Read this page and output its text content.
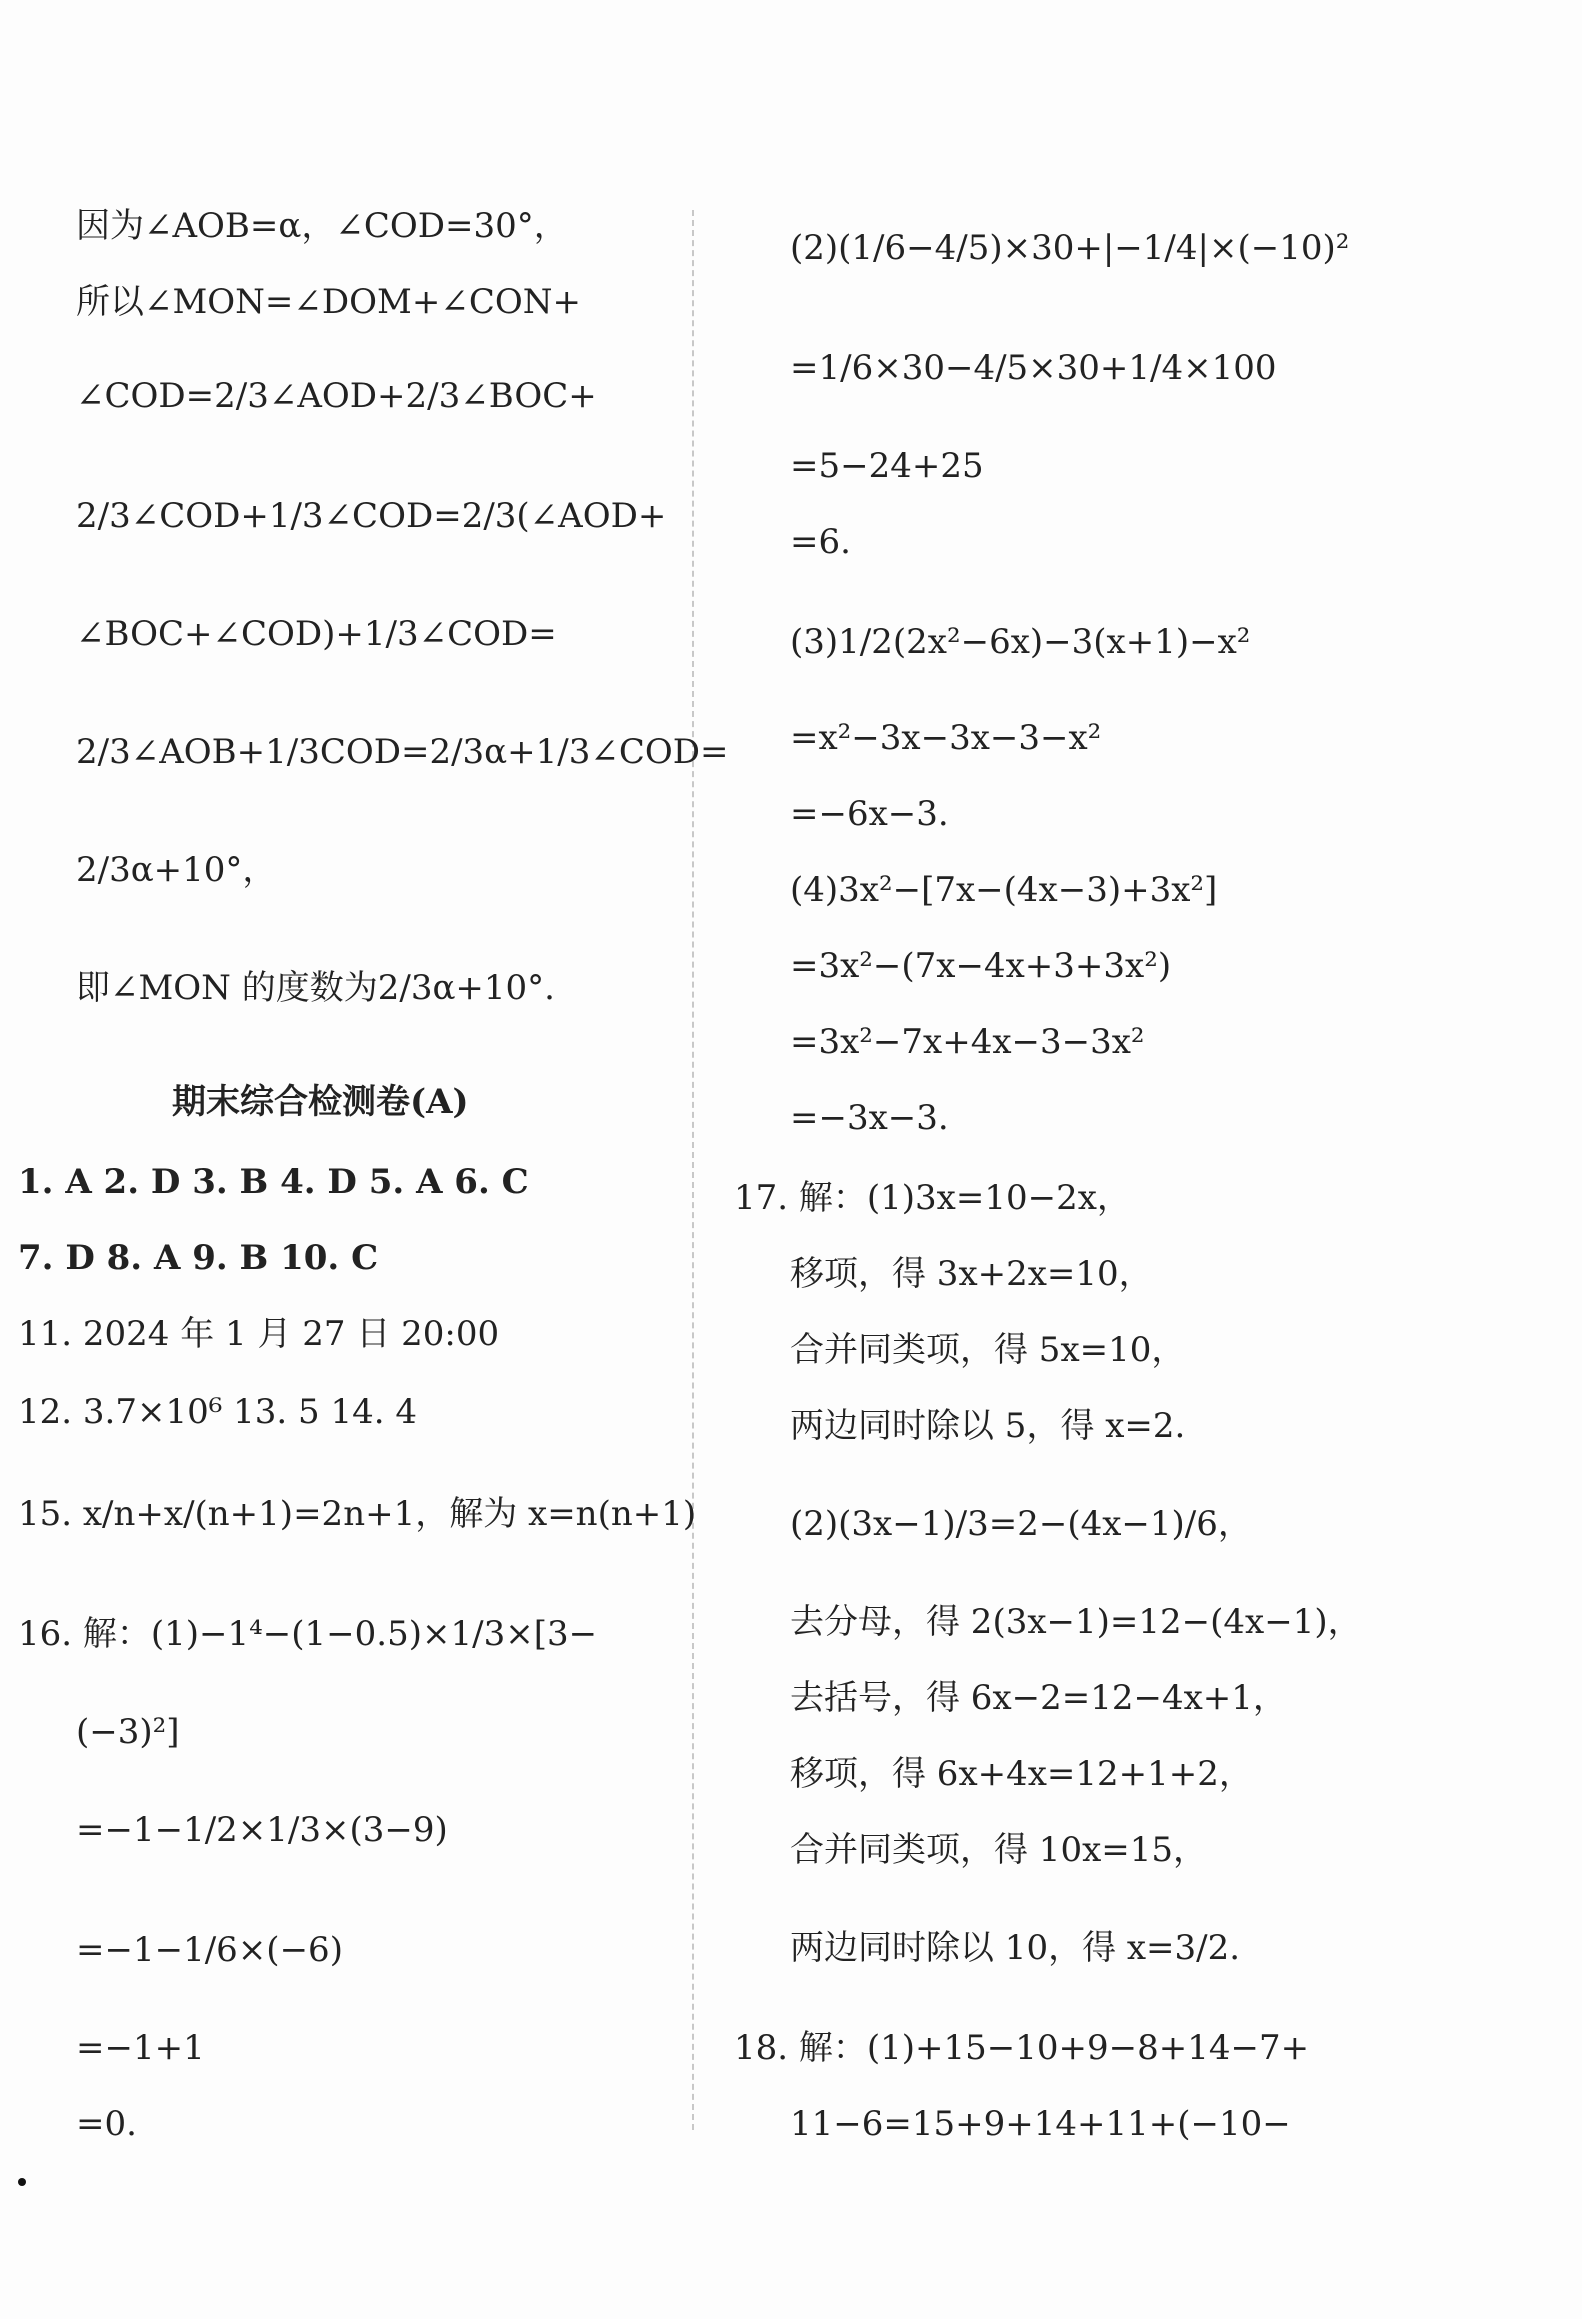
因为∠AOB=α，∠COD=30°，
所以∠MON=∠DOM+∠CON+
∠COD=2/3∠AOD+2/3∠BOC+
2/3∠COD+1/3∠COD=2/3(∠AOD+
∠BOC+∠COD)+1/3∠COD=
2/3∠AOB+1/3COD=2/3α+1/3∠COD=
2/3α+10°，
即∠MON 的度数为2/3α+10°.
期末综合检测卷(A)
1. A 2. D 3. B 4. D 5. A 6. C
7. D 8. A 9. B 10. C
11. 2024 年 1 月 27 日 20:00
12. 3.7×10⁶ 13. 5 14. 4
15. x/n+x/(n+1)=2n+1，解为 x=n(n+1)
16. 解：(1)−1⁴−(1−0.5)×1/3×[3−
(−3)²]
=−1−1/2×1/3×(3−9)
=−1−1/6×(−6)
=−1+1
=0.
(2)(1/6−4/5)×30+|−1/4|×(−10)²
=1/6×30−4/5×30+1/4×100
=5−24+25
=6.
(3)1/2(2x²−6x)−3(x+1)−x²
=x²−3x−3x−3−x²
=−6x−3.
(4)3x²−[7x−(4x−3)+3x²]
=3x²−(7x−4x+3+3x²)
=3x²−7x+4x−3−3x²
=−3x−3.
17. 解：(1)3x=10−2x，
移项，得 3x+2x=10，
合并同类项，得 5x=10，
两边同时除以 5，得 x=2.
(2)(3x−1)/3=2−(4x−1)/6，
去分母，得 2(3x−1)=12−(4x−1)，
去括号，得 6x−2=12−4x+1，
移项，得 6x+4x=12+1+2，
合并同类项，得 10x=15，
两边同时除以 10，得 x=3/2.
18. 解：(1)+15−10+9−8+14−7+
11−6=15+9+14+11+(−10−
